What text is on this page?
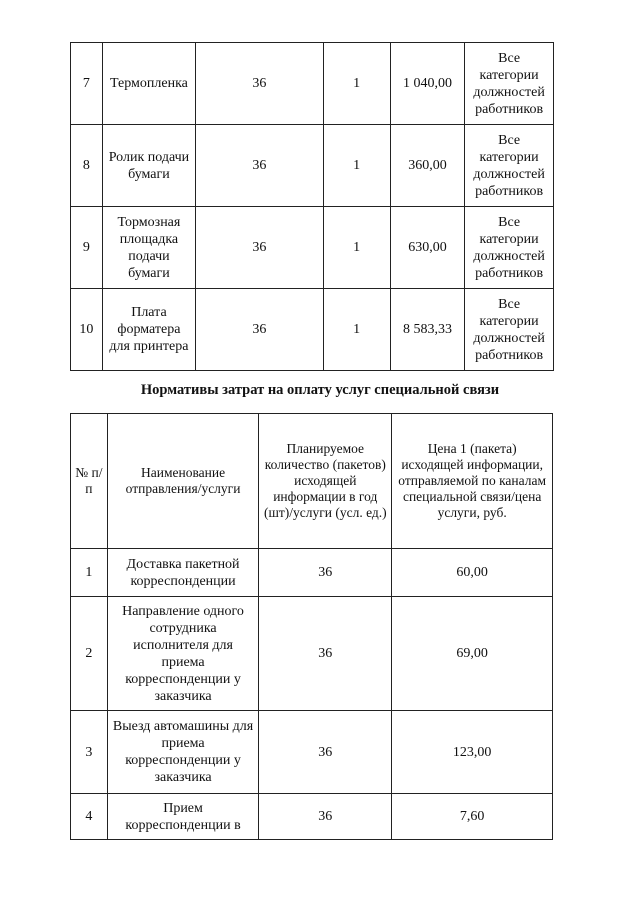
7	Термопленка	36	1	1 040,00	Все категории должностей работников
8	Ролик подачи бумаги	36	1	360,00	Все категории должностей работников
9	Тормозная площадка подачи бумаги	36	1	630,00	Все категории должностей работников
10	Плата форматера для принтера	36	1	8 583,33	Все категории должностей работников
Нормативы затрат на оплату услуг специальной связи
№ п/п	Наименование отправления/услуги	Планируемое количество (пакетов) исходящей информации в год (шт)/услуги (усл. ед.)	Цена 1 (пакета) исходящей информации, отправляемой по каналам специальной связи/цена услуги, руб.
1	Доставка пакетной корреспонденции	36	60,00
2	Направление одного сотрудника исполнителя для приема корреспонденции у заказчика	36	69,00
3	Выезд автомашины для приема корреспонденции у заказчика	36	123,00
4	Прием корреспонденции в	36	7,60
